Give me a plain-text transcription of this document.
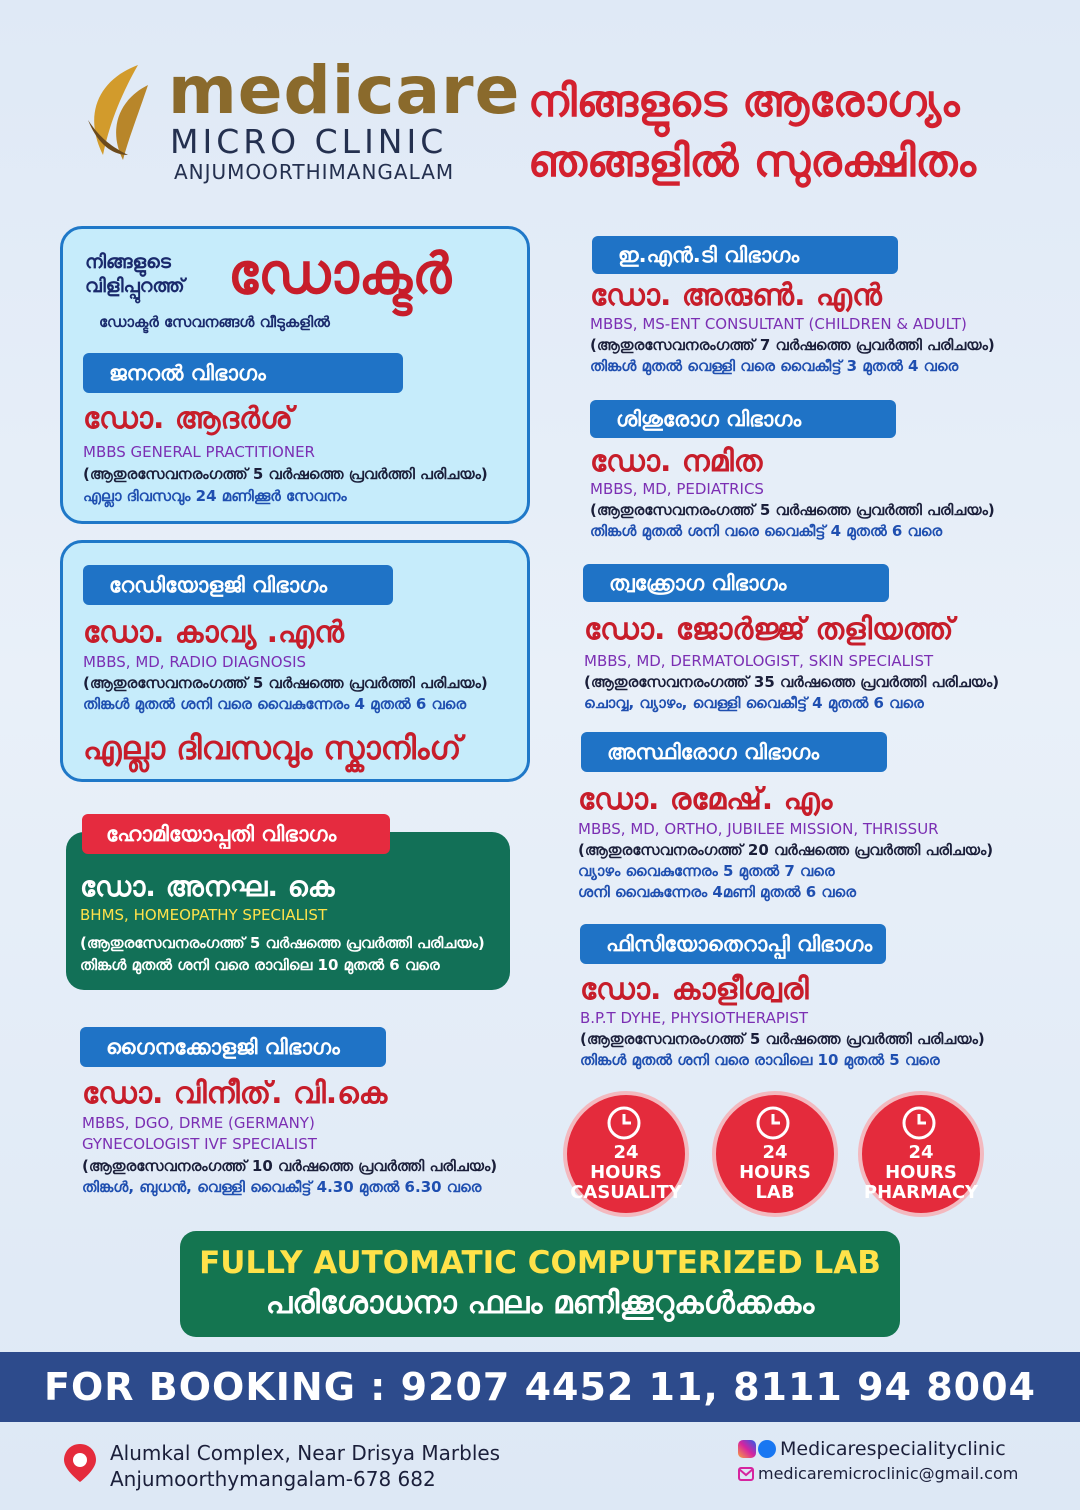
medicare
MICRO CLINIC
ANJUMOORTHIMANGALAM
നിങ്ങളുടെ ആരോഗ്യം
ഞങ്ങളിൽ സുരക്ഷിതം
നിങ്ങളുടെ
വിളിപ്പുറത്ത് ഡോക്ടർ
ഡോക്ടർ സേവനങ്ങൾ വീടുകളിൽ
ജനറൽ വിഭാഗം
ഡോ. ആദർശ്
MBBS GENERAL PRACTITIONER
(ആതുരസേവനരംഗത്ത് 5 വർഷത്തെ പ്രവർത്തി പരിചയം)
എല്ലാ ദിവസവും 24 മണിക്കൂർ സേവനം
റേഡിയോളജി വിഭാഗം
ഡോ. കാവ്യ .എൻ
MBBS, MD, RADIO DIAGNOSIS
(ആതുരസേവനരംഗത്ത് 5 വർഷത്തെ പ്രവർത്തി പരിചയം)
തിങ്കൾ മുതൽ ശനി വരെ വൈകുന്നേരം 4 മുതൽ 6 വരെ
എല്ലാ ദിവസവും സ്കാനിംഗ്
ഡോ. അനഘ. കെ
BHMS, HOMEOPATHY SPECIALIST
(ആതുരസേവനരംഗത്ത് 5 വർഷത്തെ പ്രവർത്തി പരിചയം)
തിങ്കൾ മുതൽ ശനി വരെ രാവിലെ 10 മുതൽ 6 വരെ
ഹോമിയോപ്പതി വിഭാഗം
ഗൈനക്കോളജി വിഭാഗം
ഡോ. വിനീത്. വി.കെ
MBBS, DGO, DRME (GERMANY)
GYNECOLOGIST IVF SPECIALIST
(ആതുരസേവനരംഗത്ത് 10 വർഷത്തെ പ്രവർത്തി പരിചയം)
തിങ്കൾ, ബുധൻ, വെള്ളി വൈകീട്ട് 4.30 മുതൽ 6.30 വരെ
ഇ.എൻ.ടി വിഭാഗം
ഡോ. അരുൺ. എൻ
MBBS, MS-ENT CONSULTANT (CHILDREN & ADULT)
(ആതുരസേവനരംഗത്ത് 7 വർഷത്തെ പ്രവർത്തി പരിചയം)
തിങ്കൾ മുതൽ വെള്ളി വരെ വൈകീട്ട് 3 മുതൽ 4 വരെ
ശിശുരോഗ വിഭാഗം
ഡോ. നമിത
MBBS, MD, PEDIATRICS
(ആതുരസേവനരംഗത്ത് 5 വർഷത്തെ പ്രവർത്തി പരിചയം)
തിങ്കൾ മുതൽ ശനി വരെ വൈകീട്ട് 4 മുതൽ 6 വരെ
ത്വക്ക്രോഗ വിഭാഗം
ഡോ. ജോർജ്ജ് തളിയത്ത്
MBBS, MD, DERMATOLOGIST, SKIN SPECIALIST
(ആതുരസേവനരംഗത്ത് 35 വർഷത്തെ പ്രവർത്തി പരിചയം)
ചൊവ്വ, വ്യാഴം, വെള്ളി വൈകീട്ട് 4 മുതൽ 6 വരെ
അസ്ഥിരോഗ വിഭാഗം
ഡോ. രമേഷ്. എം
MBBS, MD, ORTHO, JUBILEE MISSION, THRISSUR
(ആതുരസേവനരംഗത്ത് 20 വർഷത്തെ പ്രവർത്തി പരിചയം)
വ്യാഴം വൈകുന്നേരം 5 മുതൽ 7 വരെ
ശനി വൈകുന്നേരം 4മണി മുതൽ 6 വരെ
ഫിസിയോതെറാപ്പി വിഭാഗം
ഡോ. കാളീശ്വരി
B.P.T DYHE, PHYSIOTHERAPIST
(ആതുരസേവനരംഗത്ത് 5 വർഷത്തെ പ്രവർത്തി പരിചയം)
തിങ്കൾ മുതൽ ശനി വരെ രാവിലെ 10 മുതൽ 5 വരെ
24
HOURS
CASUALITY
24
HOURS
LAB
24
HOURS
PHARMACY
FULLY AUTOMATIC COMPUTERIZED LAB
പരിശോധനാ ഫലം മണിക്കൂറുകൾക്കകം
FOR BOOKING : 9207 4452 11, 8111 94 8004
Alumkal Complex, Near Drisya Marbles
Anjumoorthymangalam-678 682
Medicarespecialityclinic
medicaremicroclinic@gmail.com
